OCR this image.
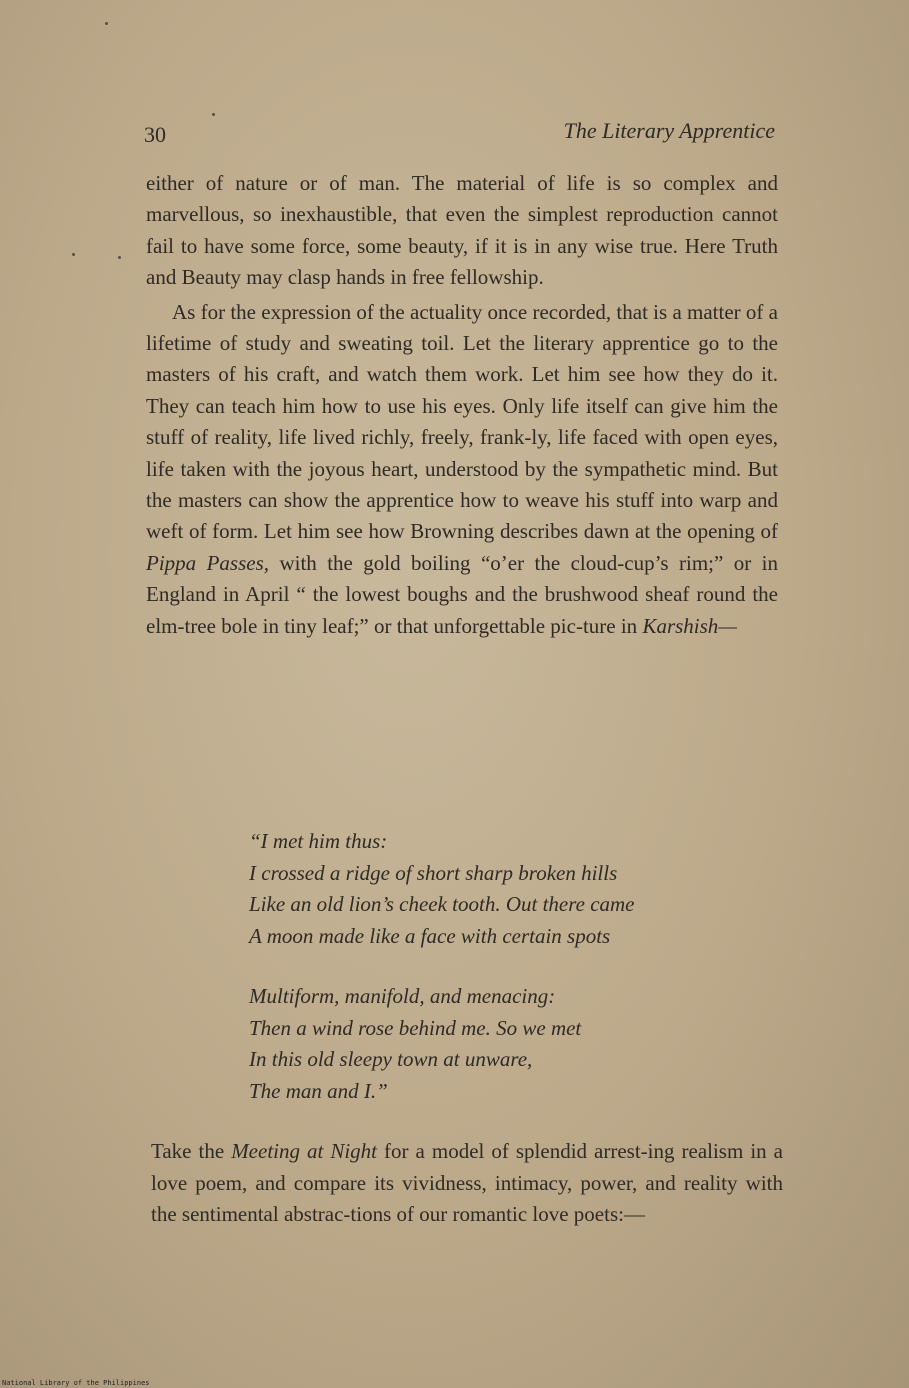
30	The Literary Apprentice

either of nature or of man. The material of life is so complex and marvellous, so inexhaustible, that even the simplest reproduction cannot fail to have some force, some beauty, if it is in any wise true. Here Truth and Beauty may clasp hands in free fellowship.

As for the expression of the actuality once recorded, that is a matter of a lifetime of study and sweating toil. Let the literary apprentice go to the masters of his craft, and watch them work. Let him see how they do it. They can teach him how to use his eyes. Only life itself can give him the stuff of reality, life lived richly, freely, frank-ly, life faced with open eyes, life taken with the joyous heart, understood by the sympathetic mind. But the masters can show the apprentice how to weave his stuff into warp and weft of form. Let him see how Browning describes dawn at the opening of Pippa Passes, with the gold boiling “o’er the cloud-cup’s rim;” or in England in April “ the lowest boughs and the brushwood sheaf round the elm-tree bole in tiny leaf;” or that unforgettable pic-ture in Karshish—

“I met him thus:
I crossed a ridge of short sharp broken hills
Like an old lion’s cheek tooth. Out there came
A moon made like a face with certain spots
Multiform, manifold, and menacing:
Then a wind rose behind me. So we met
In this old sleepy town at unware,
The man and I.”
Take the Meeting at Night for a model of splendid arrest-ing realism in a love poem, and compare its vividness, intimacy, power, and reality with the sentimental abstrac-tions of our romantic love poets:—
National Library of the Philippines
